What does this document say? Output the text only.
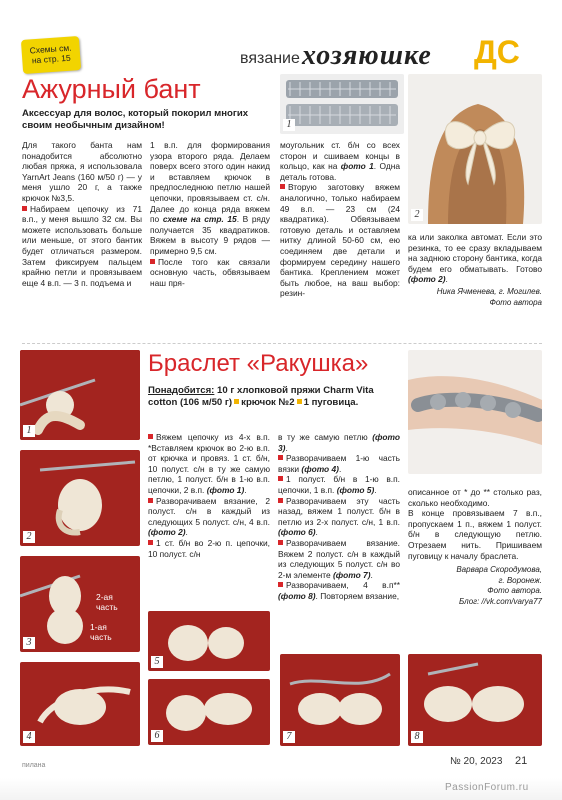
Схемы см. на стр. 15	вязание хозяюшке ДС
Ажурный бант
Аксессуар для волос, который покорил многих своим необычным дизайном!	1
2

Для такого банта нам понадобится абсолютно любая пряжа, я использовала YarnArt Jeans (160 м/50 г) — у меня ушло 20 г, а также крючок №3,5.

Набираем цепочку из 71 в.п., у меня вышло 32 см. Вы можете использовать больше или меньше, от этого бантик будет отличаться размером. Затем фиксируем пальцем крайню петли и провязываем еще 4 в.п. — 3 п. подъема и

1 в.п. для формирования узора второго ряда. Делаем поверх всего этого один накид и вставляем крючок в предпоследнюю петлю нашей цепочки, провязываем ст. с/н. Далее до конца ряда вяжем по схеме на стр. 15. В ряду получается 35 квадратиков. Вяжем в высоту 9 рядов — примерно 9,5 см.

После того как связали основную часть, обвязываем наш пря-

моугольник ст. б/н со всех сторон и сшиваем концы в кольцо, как на фото 1. Одна деталь готова.

Вторую заготовку вяжем аналогично, только набираем 49 в.п. — 23 см (24 квадратика). Обвязываем готовую деталь и оставляем нитку длиной 50-60 см, ею соединяем две детали и формируем середину нашего бантика. Креплением может быть любое, на ваш выбор: резин-

ка или заколка автомат. Если это резинка, то ее сразу вкладываем на заднюю сторону бантика, когда будем его обматывать. Готово (фото 2).

Ника Ячменева, г. Могилев.

Фото автора

1
2
2-ая часть
1-ая часть
3
4
Браслет «Ракушка»
Понадобится: 10 г хлопковой пряжи Charm Vita cotton (106 м/50 г) крючок №2 1 пуговица.

Вяжем цепочку из 4-х в.п. *Вставляем крючок во 2-ю в.п. от крючка и провяз. 1 ст. б/н, 10 полуст. с/н в ту же самую петлю, 1 полуст. б/н в 1-ю в.п. цепочки, 2 в.п. (фото 1).

Разворачиваем вязание, 2 полуст. с/н в каждый из следующих 5 полуст. с/н, 4 в.п. (фото 2).

1 ст. б/н во 2-ю п. цепочки, 10 полуст. с/н

в ту же самую петлю (фото 3).

Разворачиваем 1-ю часть вязки (фото 4).

1 полуст. б/н в 1-ю в.п. цепочки, 1 в.п. (фото 5).

Разворачиваем эту часть назад, вяжем 1 полуст. б/н в петлю из 2-х полуст. с/н, 1 в.п. (фото 6).

Разворачиваем вязание. Вяжем 2 полуст. с/н в каждый из следующих 5 полуст. с/н во 2-м элементе (фото 7).

Разворачиваем, 4 в.п** (фото 8). Повторяем вязание,

описанное от * до ** столько раз, сколько необходимо.

В конце провязываем 7 в.п., пропускаем 1 п., вяжем 1 полуст. б/н в следующую петлю. Отрезаем нить. Пришиваем пуговицу к началу браслета.

Варвара Скородумова,

г. Воронеж.

Фото автора.

Блог: //vk.com/varya77

5
6	7	8
пилана	№ 20, 2023 21
PassionForum.ru
